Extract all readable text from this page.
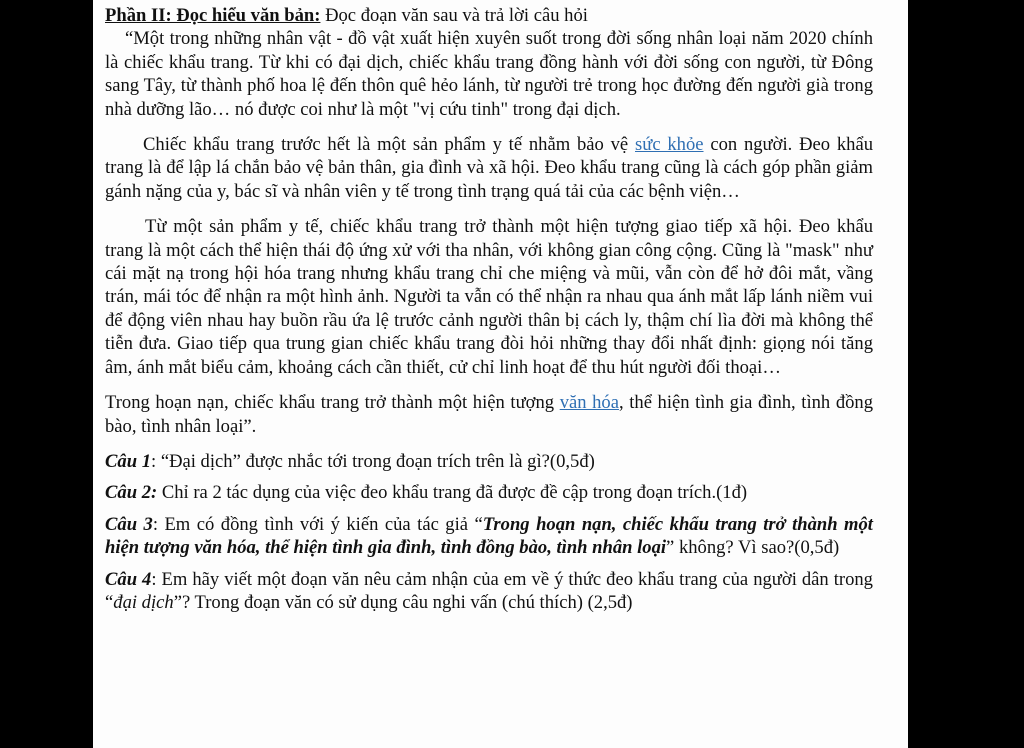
Phần II: Đọc hiểu văn bản: Đọc đoạn văn sau và trả lời câu hỏi

“Một trong những nhân vật - đồ vật xuất hiện xuyên suốt trong đời sống nhân loại năm 2020 chính là chiếc khẩu trang. Từ khi có đại dịch, chiếc khẩu trang đồng hành với đời sống con người, từ Đông sang Tây, từ thành phố hoa lệ đến thôn quê hẻo lánh, từ người trẻ trong học đường đến người già trong nhà dưỡng lão… nó được coi như là một "vị cứu tinh" trong đại dịch.

Chiếc khẩu trang trước hết là một sản phẩm y tế nhằm bảo vệ sức khỏe con người. Đeo khẩu trang là để lập lá chắn bảo vệ bản thân, gia đình và xã hội. Đeo khẩu trang cũng là cách góp phần giảm gánh nặng của y, bác sĩ và nhân viên y tế trong tình trạng quá tải của các bệnh viện…

Từ một sản phẩm y tế, chiếc khẩu trang trở thành một hiện tượng giao tiếp xã hội. Đeo khẩu trang là một cách thể hiện thái độ ứng xử với tha nhân, với không gian công cộng. Cũng là "mask" như cái mặt nạ trong hội hóa trang nhưng khẩu trang chỉ che miệng và mũi, vẫn còn để hở đôi mắt, vầng trán, mái tóc để nhận ra một hình ảnh. Người ta vẫn có thể nhận ra nhau qua ánh mắt lấp lánh niềm vui để động viên nhau hay buồn rầu ứa lệ trước cảnh người thân bị cách ly, thậm chí lìa đời mà không thể tiễn đưa. Giao tiếp qua trung gian chiếc khẩu trang đòi hỏi những thay đổi nhất định: giọng nói tăng âm, ánh mắt biểu cảm, khoảng cách cần thiết, cử chỉ linh hoạt để thu hút người đối thoại…

Trong hoạn nạn, chiếc khẩu trang trở thành một hiện tượng văn hóa, thể hiện tình gia đình, tình đồng bào, tình nhân loại”.

Câu 1: “Đại dịch” được nhắc tới trong đoạn trích trên là gì?(0,5đ)

Câu 2: Chỉ ra 2 tác dụng của việc đeo khẩu trang đã được đề cập trong đoạn trích.(1đ)

Câu 3: Em có đồng tình với ý kiến của tác giả “Trong hoạn nạn, chiếc khẩu trang trở thành một hiện tượng văn hóa, thể hiện tình gia đình, tình đồng bào, tình nhân loại” không? Vì sao?(0,5đ)

Câu 4: Em hãy viết một đoạn văn nêu cảm nhận của em về ý thức đeo khẩu trang của người dân trong “đại dịch”? Trong đoạn văn có sử dụng câu nghi vấn (chú thích) (2,5đ)
